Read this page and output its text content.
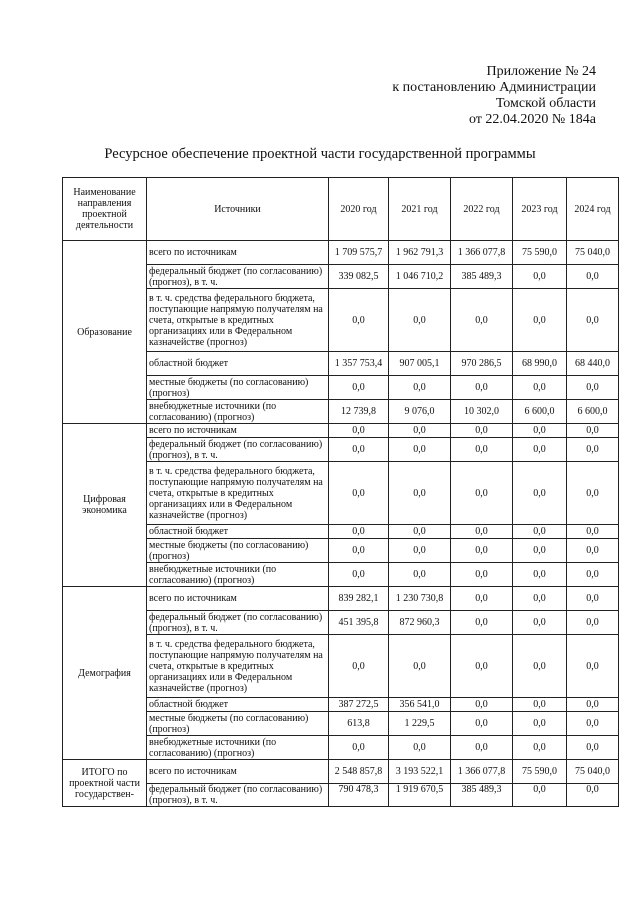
Приложение № 24
к постановлению Администрации
Томской области
от 22.04.2020 № 184а
Ресурсное обеспечение проектной части государственной программы
Наименование направления проектной деятельности	Источники	2020 год	2021 год	2022 год	2023 год	2024 год
Образование	всего по источникам	1 709 575,7	1 962 791,3	1 366 077,8	75 590,0	75 040,0
	федеральный бюджет (по согласованию) (прогноз), в т. ч.	339 082,5	1 046 710,2	385 489,3	0,0	0,0
	в т. ч. средства федерального бюджета, поступающие напрямую получателям на счета, открытые в кредитных организациях или в Федеральном казначействе (прогноз)	0,0	0,0	0,0	0,0	0,0
	областной бюджет	1 357 753,4	907 005,1	970 286,5	68 990,0	68 440,0
	местные бюджеты (по согласованию) (прогноз)	0,0	0,0	0,0	0,0	0,0
	внебюджетные источники (по согласованию) (прогноз)	12 739,8	9 076,0	10 302,0	6 600,0	6 600,0
Цифровая экономика	всего по источникам	0,0	0,0	0,0	0,0	0,0
	федеральный бюджет (по согласованию) (прогноз), в т. ч.	0,0	0,0	0,0	0,0	0,0
	в т. ч. средства федерального бюджета, поступающие напрямую получателям на счета, открытые в кредитных организациях или в Федеральном казначействе (прогноз)	0,0	0,0	0,0	0,0	0,0
	областной бюджет	0,0	0,0	0,0	0,0	0,0
	местные бюджеты (по согласованию) (прогноз)	0,0	0,0	0,0	0,0	0,0
	внебюджетные источники (по согласованию) (прогноз)	0,0	0,0	0,0	0,0	0,0
Демография	всего по источникам	839 282,1	1 230 730,8	0,0	0,0	0,0
	федеральный бюджет (по согласованию) (прогноз), в т. ч.	451 395,8	872 960,3	0,0	0,0	0,0
	в т. ч. средства федерального бюджета, поступающие напрямую получателям на счета, открытые в кредитных организациях или в Федеральном казначействе (прогноз)	0,0	0,0	0,0	0,0	0,0
	областной бюджет	387 272,5	356 541,0	0,0	0,0	0,0
	местные бюджеты (по согласованию) (прогноз)	613,8	1 229,5	0,0	0,0	0,0
	внебюджетные источники (по согласованию) (прогноз)	0,0	0,0	0,0	0,0	0,0
ИТОГО по проектной части государствен-	всего по источникам	2 548 857,8	3 193 522,1	1 366 077,8	75 590,0	75 040,0
	федеральный бюджет (по согласованию) (прогноз), в т. ч.	790 478,3	1 919 670,5	385 489,3	0,0	0,0
